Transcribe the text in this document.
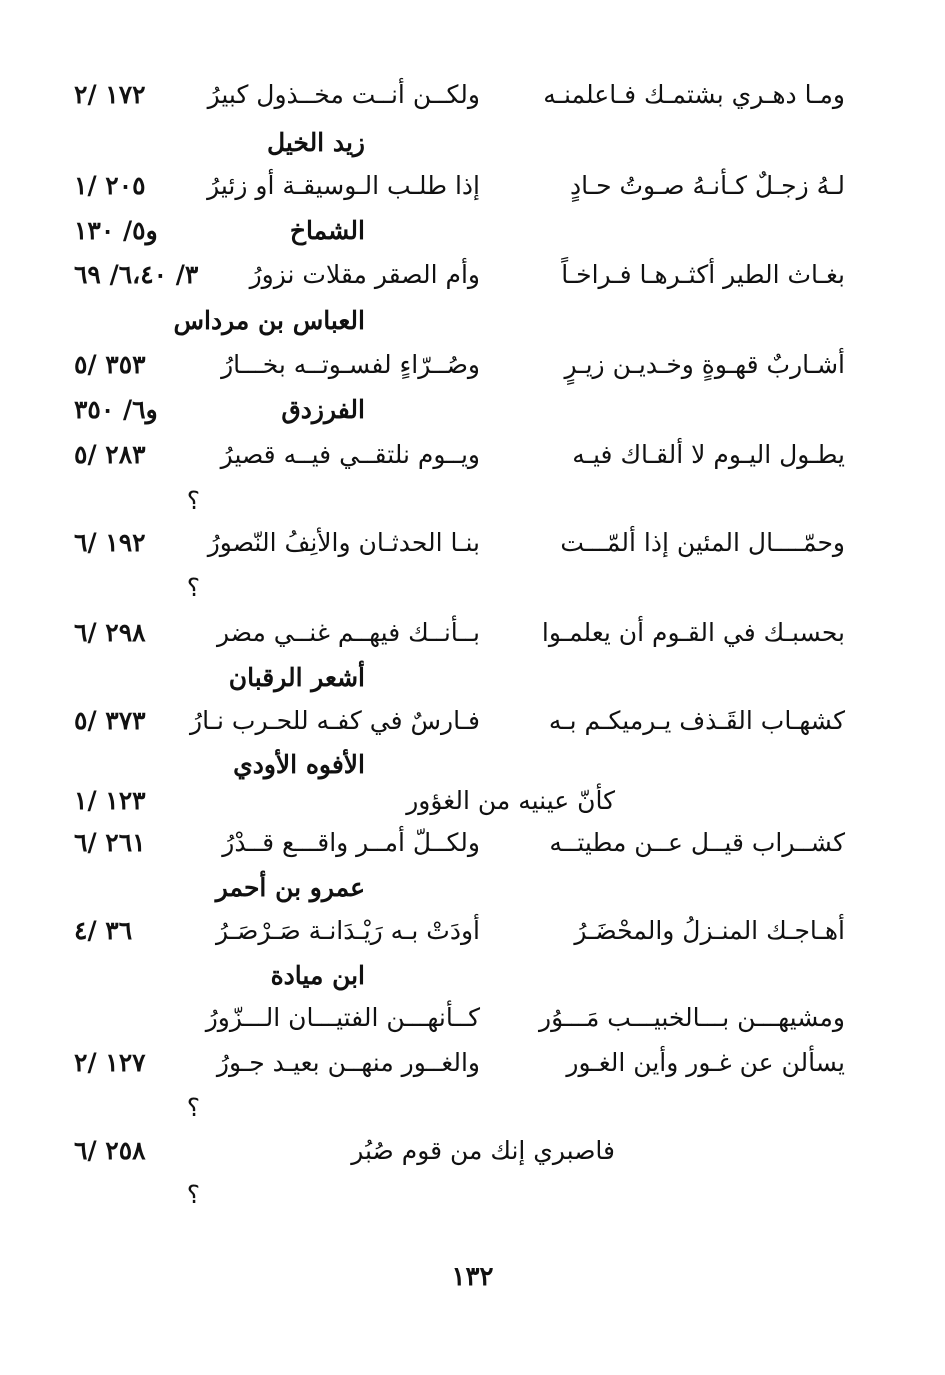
ومـا دهـري بشتمـك فـاعلمنـه
ولكــن أنــت مخــذول كبيرُ
١٧٢ /٢
زيد الخيل
لـهُ زجـلٌ كـأنـهُ صـوتُ حـادٍ
إذا طلـب الـوسيقـة أو زئيرُ
٢٠٥ /١
الشماخ
و٥/ ١٣٠
بغـاث الطير أكثـرهـا فـراخـاً
وأم الصقر مقلات نزورُ
٣/ ٦،٤٠/ ٦٩
العباس بن مرداس
أشـاربٌ قهـوةٍ وخـديـن زيـرٍ
وصُــرّاءٍ لفسـوتــه بخـــارُ
٣٥٣ /٥
الفرزدق
و٦/ ٣٥٠
يطـول اليـوم لا ألقـاك فيـه
ويــوم نلتقــي فيــه قصيرُ
٢٨٣ /٥
؟
وحمّــــال المئين إذا ألمّـــت
بنـا الحدثـان والأنِفُ النّصورُ
١٩٢ /٦
؟
بحسبـك في القـوم أن يعلمـوا
بــأنــك فيهــم غنــي مضر
٢٩٨ /٦
أشعر الرقبان
كشهـاب القَـذف يـرميكـم بـه
فـارسٌ في كفـه للحـرب نـارُ
٣٧٣ /٥
الأفوه الأودي
كأنّ عينيه من الغؤور
١٢٣ /١
كشــراب قيــل عــن مطيتــه
ولكــلّ أمــر واقـــع قــدْرُ
٢٦١ /٦
عمرو بن أحمر
أهـاجـك المنـزلُ والمحْضَـرُ
أودَتْ بـه رَيْـدَانـة صَـرْصَـرُ
٣٦ /٤
ابن ميادة
ومشيهـــن بـــالخبيـــب مَـــوُر
كــأنهـــن الفتيـــان الـــزّورُ
يسألن عن غـور وأين الغـور
والغــور منهــن بعيـد جـورُ
١٢٧ /٢
؟
فاصبري إنك من قوم صُبُر
٢٥٨ /٦
؟
١٣٢
